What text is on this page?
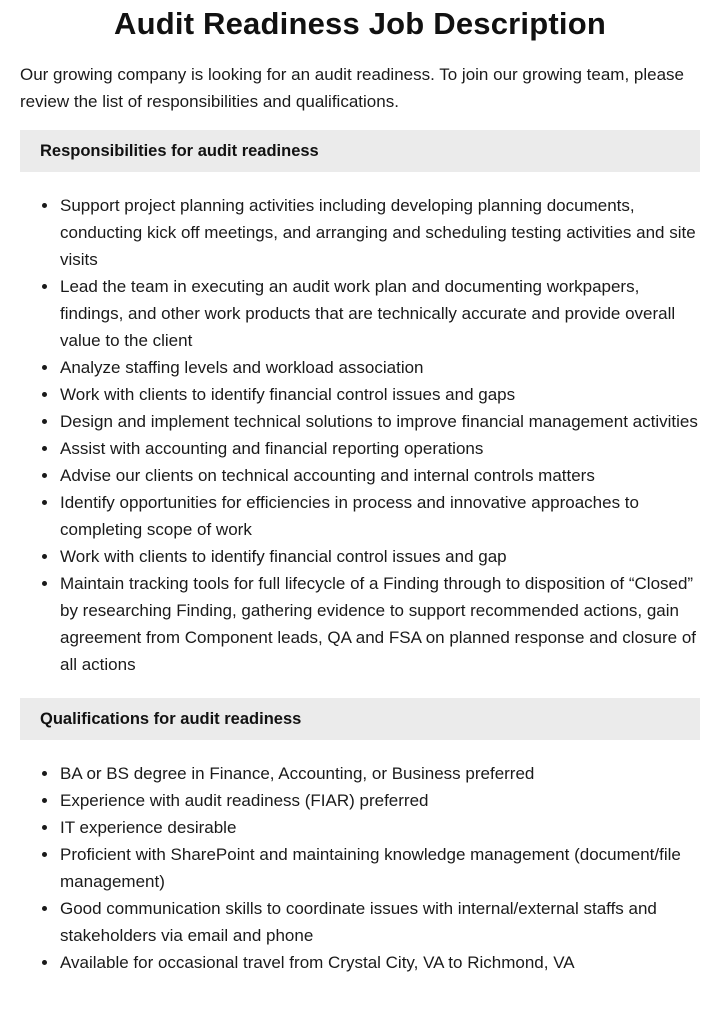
Audit Readiness Job Description

Our growing company is looking for an audit readiness. To join our growing team, please review the list of responsibilities and qualifications.

Responsibilities for audit readiness
Support project planning activities including developing planning documents, conducting kick off meetings, and arranging and scheduling testing activities and site visits
Lead the team in executing an audit work plan and documenting workpapers, findings, and other work products that are technically accurate and provide overall value to the client
Analyze staffing levels and workload association
Work with clients to identify financial control issues and gaps
Design and implement technical solutions to improve financial management activities
Assist with accounting and financial reporting operations
Advise our clients on technical accounting and internal controls matters
Identify opportunities for efficiencies in process and innovative approaches to completing scope of work
Work with clients to identify financial control issues and gap
Maintain tracking tools for full lifecycle of a Finding through to disposition of “Closed” by researching Finding, gathering evidence to support recommended actions, gain agreement from Component leads, QA and FSA on planned response and closure of all actions
Qualifications for audit readiness
BA or BS degree in Finance, Accounting, or Business preferred
Experience with audit readiness (FIAR) preferred
IT experience desirable
Proficient with SharePoint and maintaining knowledge management (document/file management)
Good communication skills to coordinate issues with internal/external staffs and stakeholders via email and phone
Available for occasional travel from Crystal City, VA to Richmond, VA
